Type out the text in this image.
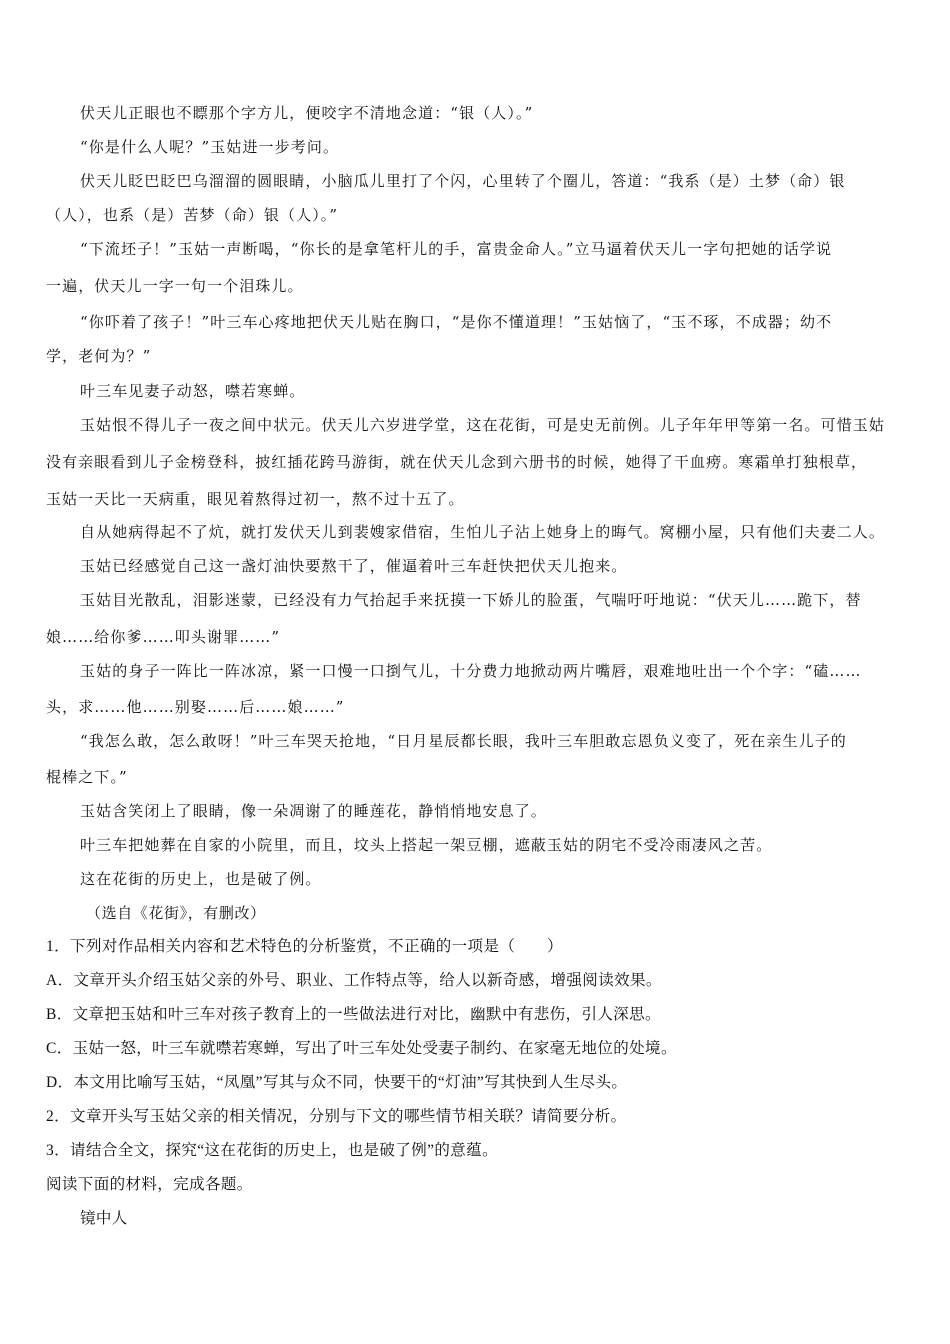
伏天儿正眼也不瞟那个字方儿，便咬字不清地念道：“银（人）。”
“你是什么人呢？”玉姑进一步考问。
伏天儿眨巴眨巴乌溜溜的圆眼睛，小脑瓜儿里打了个闪，心里转了个圈儿，答道：“我系（是）土梦（命）银
（人），也系（是）苦梦（命）银（人）。”
“下流坯子！”玉姑一声断喝，“你长的是拿笔杆儿的手，富贵金命人。”立马逼着伏天儿一字句把她的话学说
一遍，伏天儿一字一句一个泪珠儿。
“你吓着了孩子！”叶三车心疼地把伏天儿贴在胸口，“是你不懂道理！”玉姑恼了，“玉不琢，不成器；幼不
学，老何为？”
叶三车见妻子动怒，噤若寒蝉。
玉姑恨不得儿子一夜之间中状元。伏天儿六岁进学堂，这在花街，可是史无前例。儿子年年甲等第一名。可惜玉姑
没有亲眼看到儿子金榜登科，披红插花跨马游街，就在伏天儿念到六册书的时候，她得了干血痨。寒霜单打独根草，
玉姑一天比一天病重，眼见着熬得过初一，熬不过十五了。
自从她病得起不了炕，就打发伏天儿到裴嫂家借宿，生怕儿子沾上她身上的晦气。窝棚小屋，只有他们夫妻二人。
玉姑已经感觉自己这一盏灯油快要熬干了，催逼着叶三车赶快把伏天儿抱来。
玉姑目光散乱，泪影迷蒙，已经没有力气抬起手来抚摸一下娇儿的脸蛋，气喘吁吁地说：“伏天儿……跪下，替
娘……给你爹……叩头谢罪……”
玉姑的身子一阵比一阵冰凉，紧一口慢一口捯气儿，十分费力地掀动两片嘴唇，艰难地吐出一个个字：“磕……
头，求……他……别娶……后……娘……”
“我怎么敢，怎么敢呀！”叶三车哭天抢地，“日月星辰都长眼，我叶三车胆敢忘恩负义变了，死在亲生儿子的
棍棒之下。”
玉姑含笑闭上了眼睛，像一朵凋谢了的睡莲花，静悄悄地安息了。
叶三车把她葬在自家的小院里，而且，坟头上搭起一架豆棚，遮蔽玉姑的阴宅不受冷雨凄风之苦。
这在花街的历史上，也是破了例。
（选自《花街》，有删改）
1．下列对作品相关内容和艺术特色的分析鉴赏，不正确的一项是（　　）
A．文章开头介绍玉姑父亲的外号、职业、工作特点等，给人以新奇感，增强阅读效果。
B．文章把玉姑和叶三车对孩子教育上的一些做法进行对比，幽默中有悲伤，引人深思。
C．玉姑一怒，叶三车就噤若寒蝉，写出了叶三车处处受妻子制约、在家毫无地位的处境。
D．本文用比喻写玉姑，“凤凰”写其与众不同，快要干的“灯油”写其快到人生尽头。
2．文章开头写玉姑父亲的相关情况，分别与下文的哪些情节相关联？请简要分析。
3．请结合全文，探究“这在花街的历史上，也是破了例”的意蕴。
阅读下面的材料，完成各题。
镜中人
